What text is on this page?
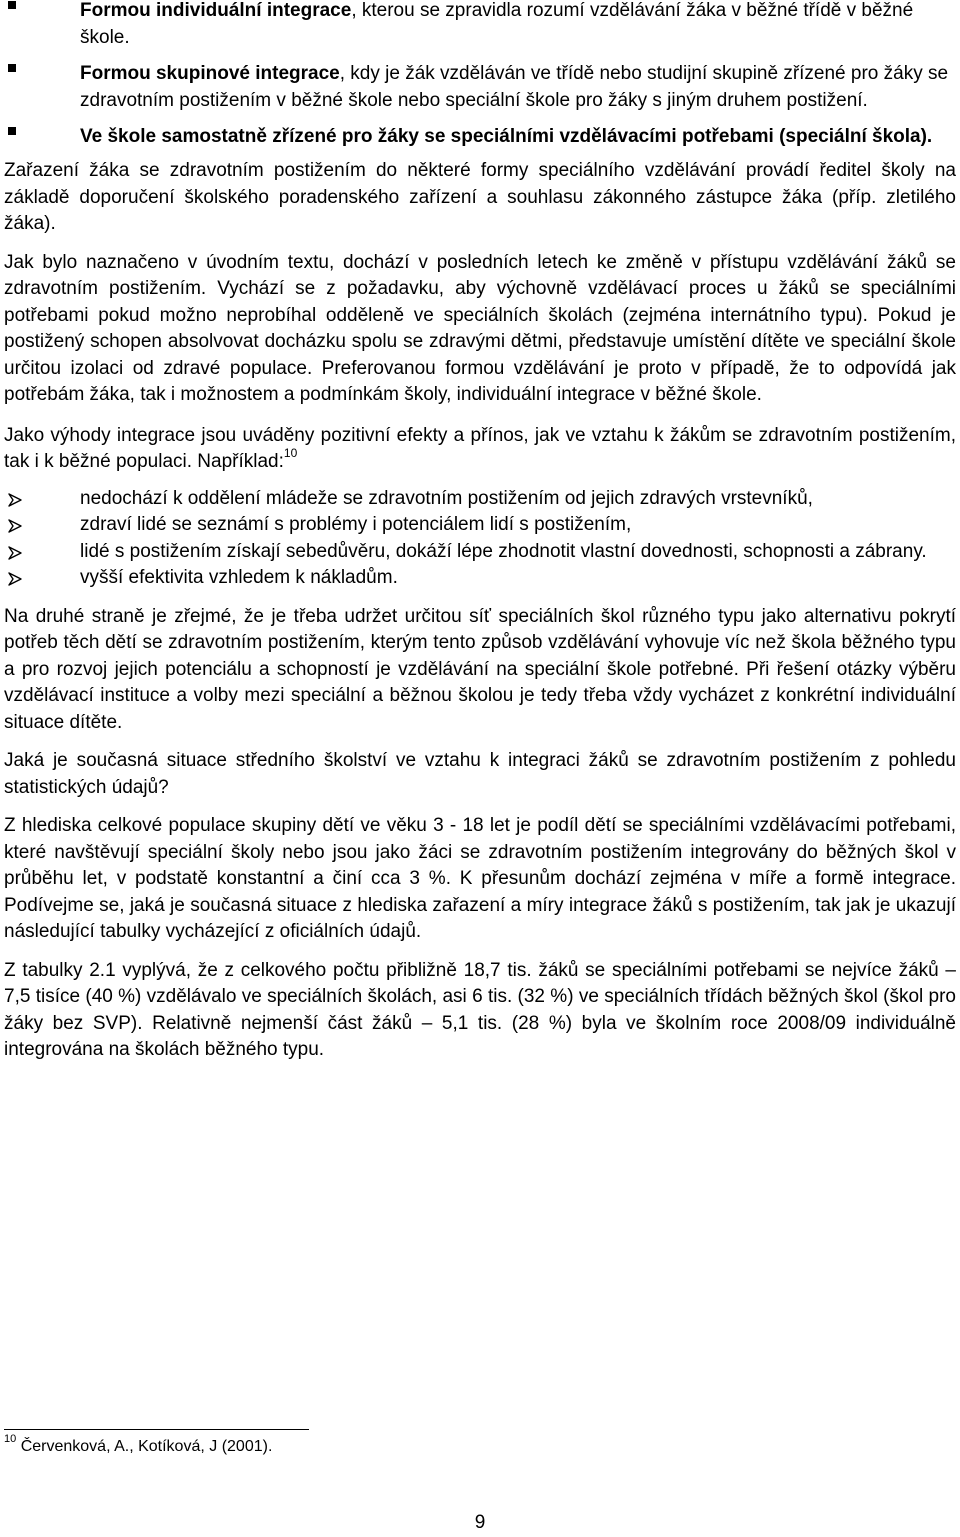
Formou individuální integrace, kterou se zpravidla rozumí vzdělávání žáka v běžné třídě v běžné škole.
Formou skupinové integrace, kdy je žák vzděláván ve třídě nebo studijní skupině zřízené pro žáky se zdravotním postižením v běžné škole nebo speciální škole pro žáky s jiným druhem postižení.
Ve škole samostatně zřízené pro žáky se speciálními vzdělávacími potřebami (speciální škola).

Zařazení žáka se zdravotním postižením do některé formy speciálního vzdělávání provádí ředitel školy na základě doporučení školského poradenského zařízení a souhlasu zákonného zástupce žáka (příp. zletilého žáka).

Jak bylo naznačeno v úvodním textu, dochází v posledních letech ke změně v přístupu vzdělávání žáků se zdravotním postižením. Vychází se z požadavku, aby výchovně vzdělávací proces u žáků se speciálními potřebami pokud možno neprobíhal odděleně ve speciálních školách (zejména internátního typu). Pokud je postižený schopen absolvovat docházku spolu se zdravými dětmi, představuje umístění dítěte ve speciální škole určitou izolaci od zdravé populace. Preferovanou formou vzdělávání je proto v případě, že to odpovídá jak potřebám žáka, tak i možnostem a podmínkám školy, individuální integrace v běžné škole.

Jako výhody integrace jsou uváděny pozitivní efekty a přínos, jak ve vztahu k žákům se zdravotním postižením, tak i k běžné populaci. Například:$^{10}$

nedochází k oddělení mládeže se zdravotním postižením od jejich zdravých vrstevníků,
zdraví lidé se seznámí s problémy i potenciálem lidí s postižením,
lidé s postižením získají sebedůvěru, dokáží lépe zhodnotit vlastní dovednosti, schopnosti a zábrany.
vyšší efektivita vzhledem k nákladům.

Na druhé straně je zřejmé, že je třeba udržet určitou síť speciálních škol různého typu jako alternativu pokrytí potřeb těch dětí se zdravotním postižením, kterým tento způsob vzdělávání vyhovuje víc než škola běžného typu a pro rozvoj jejich potenciálu a schopností je vzdělávání na speciální škole potřebné. Při řešení otázky výběru vzdělávací instituce a volby mezi speciální a běžnou školou je tedy třeba vždy vycházet z konkrétní individuální situace dítěte.

Jaká je současná situace středního školství ve vztahu k integraci žáků se zdravotním postižením z pohledu statistických údajů?

Z hlediska celkové populace skupiny dětí ve věku 3 - 18 let je podíl dětí se speciálními vzdělávacími potřebami, které navštěvují speciální školy nebo jsou jako žáci se zdravotním postižením integrovány do běžných škol v průběhu let, v podstatě konstantní a činí cca 3 %. K přesunům dochází zejména v míře a formě integrace. Podívejme se, jaká je současná situace z hlediska zařazení a míry integrace žáků s postižením, tak jak je ukazují následující tabulky vycházející z oficiálních údajů.

Z tabulky 2.1 vyplývá, že z celkového počtu přibližně 18,7 tis. žáků se speciálními potřebami se nejvíce žáků – 7,5 tisíce (40 %) vzdělávalo ve speciálních školách, asi 6 tis. (32 %) ve speciálních třídách běžných škol (škol pro žáky bez SVP). Relativně nejmenší část žáků – 5,1 tis. (28 %) byla ve školním roce 2008/09 individuálně integrována na školách běžného typu.

$^{10}$ Červenková, A., Kotíková, J (2001).
9
